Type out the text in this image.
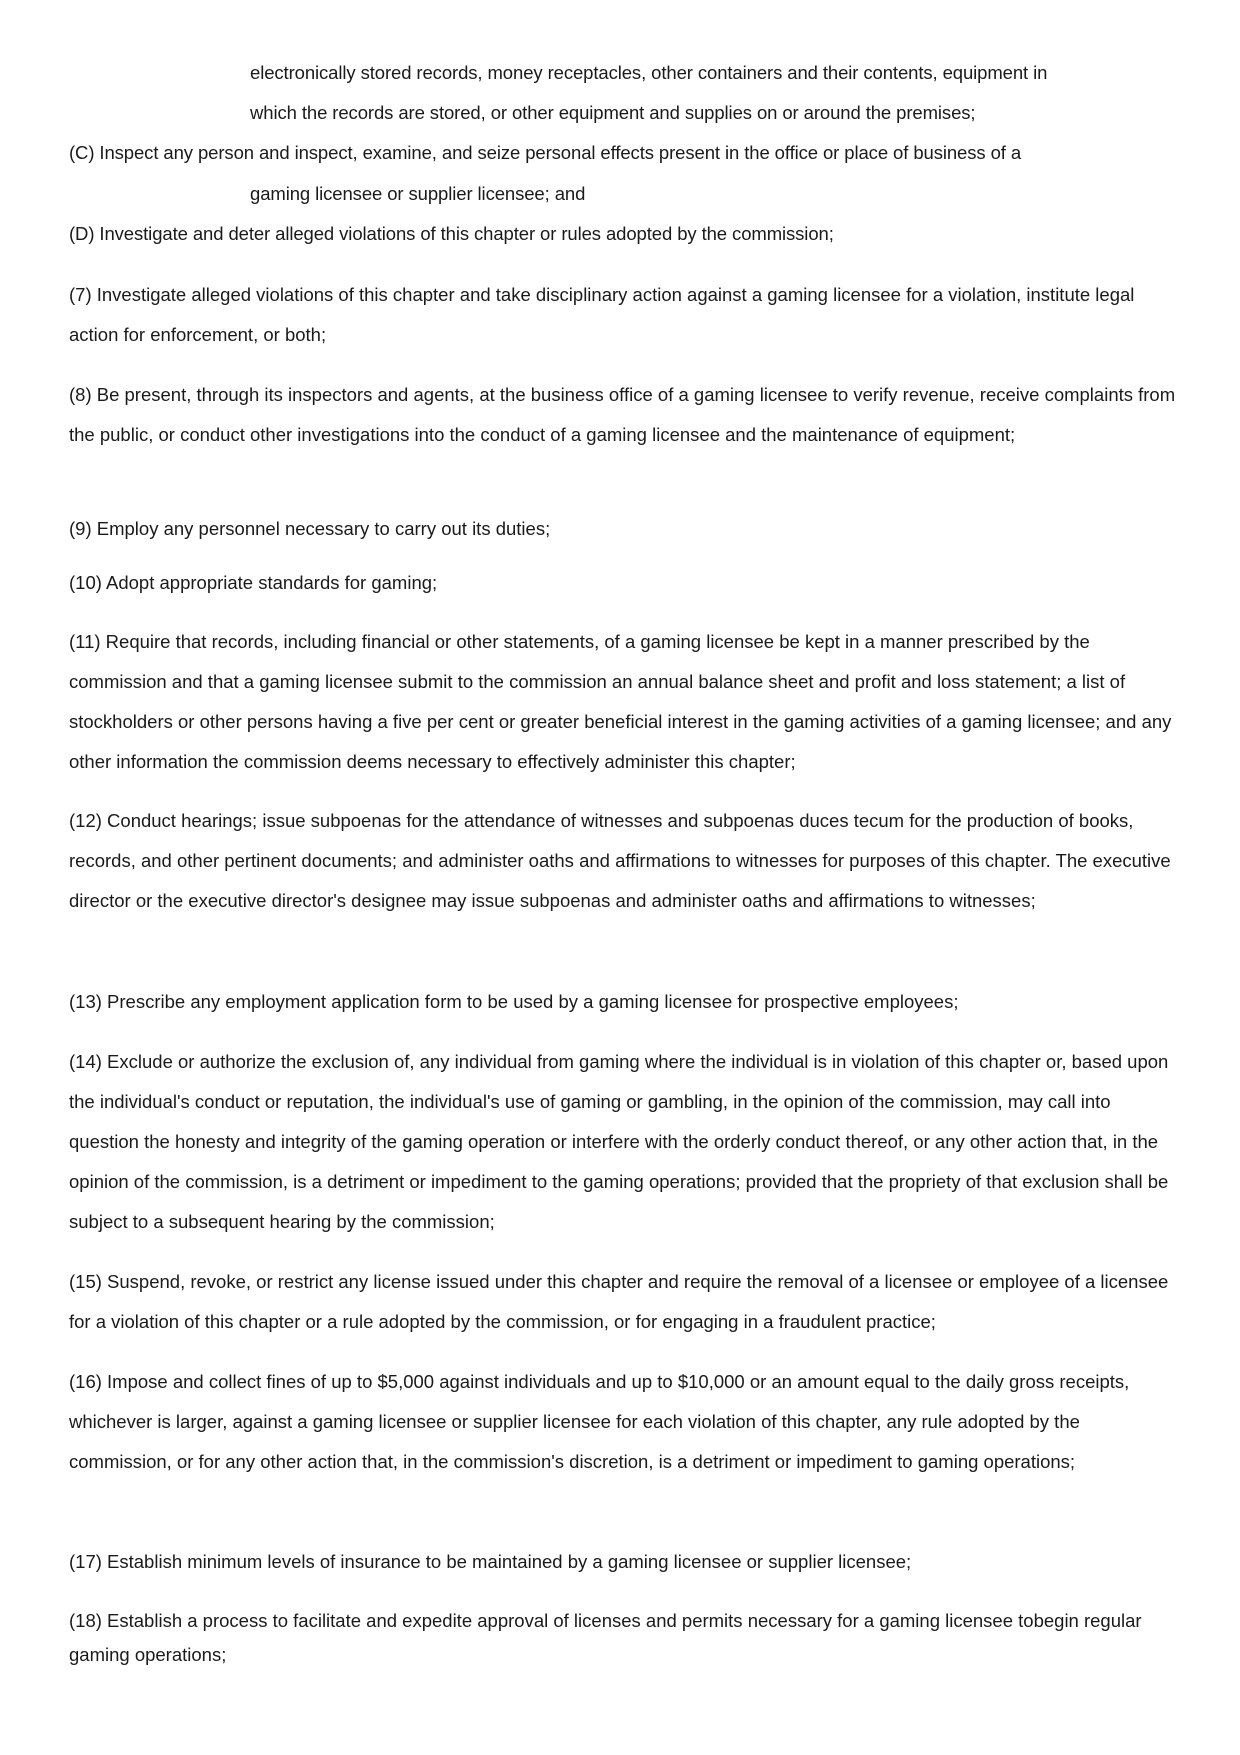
electronically stored records, money receptacles, other containers and their contents, equipment in
which the records are stored, or other equipment and supplies on or around the premises;
(C) Inspect any person and inspect, examine, and seize personal effects present in the office or place of business of a
gaming licensee or supplier licensee; and
(D) Investigate and deter alleged violations of this chapter or rules adopted by the commission;
(7) Investigate alleged violations of this chapter and take disciplinary action against a gaming licensee for a violation, institute legal action for enforcement, or both;
(8) Be present, through its inspectors and agents, at the business office of a gaming licensee to verify revenue, receive complaints from the public, or conduct other investigations into the conduct of a gaming licensee and the maintenance of equipment;
(9) Employ any personnel necessary to carry out its duties;
(10) Adopt appropriate standards for gaming;
(11) Require that records, including financial or other statements, of a gaming licensee be kept in a manner prescribed by the commission and that a gaming licensee submit to the commission an annual balance sheet and profit and loss statement; a list of stockholders or other persons having a five per cent or greater beneficial interest in the gaming activities of a gaming licensee; and any other information the commission deems necessary to effectively administer this chapter;
(12) Conduct hearings; issue subpoenas for the attendance of witnesses and subpoenas duces tecum for the production of books, records, and other pertinent documents; and administer oaths and affirmations to witnesses for purposes of this chapter. The executive director or the executive director's designee may issue subpoenas and administer oaths and affirmations to witnesses;
(13) Prescribe any employment application form to be used by a gaming licensee for prospective employees;
(14) Exclude or authorize the exclusion of, any individual from gaming where the individual is in violation of this chapter or, based upon the individual's conduct or reputation, the individual's use of gaming or gambling, in the opinion of the commission, may call into question the honesty and integrity of the gaming operation or interfere with the orderly conduct thereof, or any other action that, in the opinion of the commission, is a detriment or impediment to the gaming operations; provided that the propriety of that exclusion shall be subject to a subsequent hearing by the commission;
(15) Suspend, revoke, or restrict any license issued under this chapter and require the removal of a licensee or employee of a licensee for a violation of this chapter or a rule adopted by the commission, or for engaging in a fraudulent practice;
(16) Impose and collect fines of up to $5,000 against individuals and up to $10,000 or an amount equal to the daily gross receipts, whichever is larger, against a gaming licensee or supplier licensee for each violation of this chapter, any rule adopted by the commission, or for any other action that, in the commission's discretion, is a detriment or impediment to gaming operations;
(17) Establish minimum levels of insurance to be maintained by a gaming licensee or supplier licensee;
(18) Establish a process to facilitate and expedite approval of licenses and permits necessary for a gaming licensee tobegin regular gaming operations;
